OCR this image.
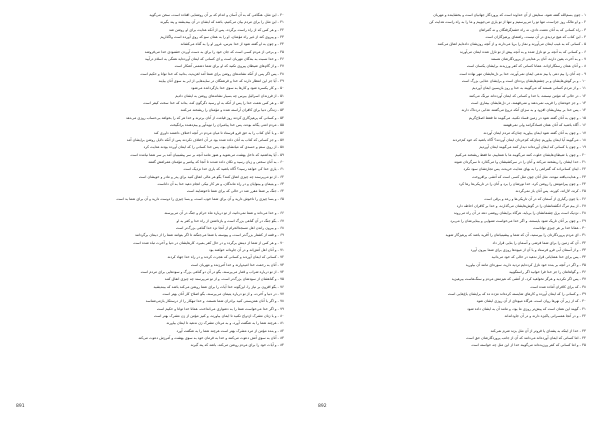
۴۰ - این مثل، هنگامی که به آن آسان و اندام که بر آن روشنایی افتاده است، سخن می‌گوید
۴۱ - این مثل را برای مردم بیان می‌کنیم، باشد که ایشان در آن بیندیشند و پند بگیرند
۴۲ - و هر کس که از راه راست برگردد، پس از آنکه هدایت برای او روشن شد
۴۳ - و پیروی کند از غیر راه مؤمنان، او را به همان سو که روی آورده است واگذاریم
۴۴ - و چون به او گفته شود از خدا بترس، غرور او را به گناه می‌کشاند
۴۵ - و برخی از مردم کسی است که جان خود را برای به دست آوردن خشنودی خدا می‌فروشد
۴۶ - و خدا نسبت به بندگان مهربان است و ای کسانی که ایمان آورده‌اید همگی به اسلام درآیید
۴۷ - و از گام‌های شیطان پیروی نکنید که او برای شما دشمنی آشکار است
۴۸ - پس اگر پس از آنکه نشانه‌های روشن برای شما آمد لغزیدید، بدانید که خدا توانا و حکیم است
۴۹ - آیا جز این انتظار دارند که خدا و فرشتگان در سایه‌هایی از ابر به سوی آنان بیایند
۵۰ - و کار یکسره شود و کارها به سوی خدا بازگردانده می‌شود
۵۱ - از فرزندان اسرائیل بپرس چه بسیار نشانه‌های روشن به ایشان دادیم
۵۲ - و هر کس نعمت خدا را پس از آنکه به او رسید دگرگون کند، بداند که خدا سخت کیفر است
۵۳ - زندگی دنیا برای کافران آراسته شده و مؤمنان را ریشخند می‌کنند
۵۴ - و کسانی که پرهیزگاری کردند روز قیامت از آنان برترند و خدا هر که را بخواهد بی‌حساب روزی می‌دهد
۵۵ - مردم امتی یگانه بودند، پس خدا پیامبران را نویدآور و بیم‌دهنده برانگیخت
۵۶ - و با آنان کتاب را به حق فرو فرستاد تا میان مردم در آنچه اختلاف داشتند داوری کند
۵۷ - و جز کسانی که کتاب به آنان داده شده بود در آن اختلاف نکردند پس از آنکه دلایل روشن برایشان آمد
۵۸ - از روی ستم و حسدی که میانشان بود، پس خدا کسانی را که ایمان آورده بودند هدایت کرد
۵۹ - آیا پنداشتید که داخل بهشت می‌شوید و هنوز مانند آنچه بر سر پیشینیان آمد بر سر شما نیامده است
۶۰ - به آنان سختی و زیان رسید و تکان داده شدند تا آنجا که پیامبر و مؤمنان همراهش گفتند
۶۱ - یاری خدا کی خواهد رسید؟ آگاه باشید که یاری خدا نزدیک است
۶۲ - از تو می‌پرسند چه چیزی انفاق کنند؟ بگو هر مالی انفاق کنید برای پدر و مادر و خویشان است
۶۳ - و یتیمان و بینوایان و در راه ماندگان، و هر کار نیکی انجام دهید خدا به آن داناست
۶۴ - جنگ بر شما مقرر شد در حالی که برای شما ناخوشایند است
۶۵ - و بسا چیزی را ناخوش دارید و آن برای شما خوب است، و بسا چیزی را دوست دارید و آن برای شما بد است
۶۶ - و خدا می‌داند و شما نمی‌دانید، از تو درباره ماه حرام و جنگ در آن می‌پرسند
۶۷ - بگو جنگ در آن گناهی بزرگ است و بازداشتن از راه خدا و کفر به او
۶۸ - و بیرون راندن اهل مسجدالحرام از آنجا نزد خدا گناهی بزرگ‌تر است
۶۹ - و فتنه از کشتار بزرگ‌تر است، و پیوسته با شما می‌جنگند تا اگر بتوانند شما را از دینتان برگردانند
۷۰ - و هر کس از شما از دینش برگردد و در حال کفر بمیرد، کارهایشان در دنیا و آخرت تباه شده است
۷۱ - و آنان اهل آتش‌اند و در آن جاودانه خواهند بود
۷۲ - کسانی که ایمان آوردند و کسانی که هجرت کردند و در راه خدا جهاد کردند
۷۳ - آنان به رحمت خدا امیدوارند و خدا آمرزنده و مهربان است
۷۴ - از تو درباره شراب و قمار می‌پرسند، بگو در آن دو گناهی بزرگ و سودهایی برای مردم است
۷۵ - و گناهشان از سودشان بزرگ‌تر است، و از تو می‌پرسند چه چیزی انفاق کنند
۷۶ - بگو افزون بر نیاز را، این‌گونه خدا آیات را برای شما روشن می‌کند باشد که بیندیشید
۷۷ - در دنیا و آخرت، و از تو درباره یتیمان می‌پرسند، بگو اصلاح کار آنان بهتر است
۷۸ - و اگر با آنان همزیستی کنید برادران شما هستند، و خدا تبهکار را از درستکار بازمی‌شناسد
۷۹ - و اگر خدا می‌خواست شما را به دشواری می‌انداخت، همانا خدا توانا و حکیم است
۸۰ - و با زنان مشرک ازدواج نکنید تا ایمان بیاورند، و کنیز مؤمن از زن مشرک بهتر است
۸۱ - هرچند شما را به شگفت آورد، و به مردان مشرک زن ندهید تا ایمان بیاورند
۸۲ - و بنده مؤمن از مرد مشرک بهتر است هرچند شما را به شگفت آورد
۸۳ - آنان به سوی آتش دعوت می‌کنند و خدا به فرمان خود به سوی بهشت و آمرزش دعوت می‌کند
۸۴ - و آیات خود را برای مردم روشن می‌کند، باشد که پند گیرند
891
۱ - چون بسم‌الله گفته شود، ستایش از آن خداوند است که پروردگار جهانیان است و بخشاینده و مهربان
۲ - و او مالک روز جزاست، تنها تو را می‌پرستیم و تنها از تو یاری می‌جوییم و ما را به راه راست هدایت کن
۳ - راه کسانی که به آنان نعمت دادی، نه راه خشم‌گرفتگان و نه گمراهان
۴ - این کتاب که هیچ تردیدی در آن نیست، راهنمای پرهیزگاران است
۵ - کسانی که به غیب ایمان می‌آورند و نماز را برپا می‌دارند و از آنچه روزیشان داده‌ایم انفاق می‌کنند
۶ - و کسانی که به آنچه بر تو نازل شده و به آنچه پیش از تو نازل شده ایمان می‌آورند
۷ - و به آخرت یقین دارند، آنان بر هدایتی از پروردگارشان هستند
۸ - و آنان همان رستگاران‌اند، همانا کسانی که کفر ورزیدند برایشان یکسان است
۹ - چه آنان را بیم دهی یا بیم ندهی ایمان نمی‌آورند، خدا بر دل‌هایشان مهر نهاده است
۱۰ - و بر گوش‌هایشان و بر چشم‌هایشان پرده‌ای است و برایشان عذابی بزرگ است
۱۱ - و از مردم کسانی هستند که می‌گویند به خدا و روز بازپسین ایمان آوردیم
۱۲ - در حالی که مؤمن نیستند، با خدا و کسانی که ایمان آورده‌اند نیرنگ می‌کنند
۱۳ - و جز خودشان را فریب نمی‌دهند و نمی‌فهمند، در دل‌هایشان بیماری است
۱۴ - پس خدا بر بیماریشان افزود و به سزای آنکه دروغ می‌گفتند عذابی دردناک دارند
۱۵ - و چون به آنان گفته شود در زمین فساد نکنید، می‌گویند ما فقط اصلاح‌گریم
۱۶ - آگاه باشید که آنان همان فسادگرانند ولی نمی‌فهمند
۱۷ - و چون به آنان گفته شود ایمان بیاورید چنان‌که مردم ایمان آوردند
۱۸ - می‌گویند آیا ایمان بیاوریم چنان‌که کم‌خردان ایمان آوردند؟ آگاه باشید که خود کم‌خردند
۱۹ - و چون با کسانی که ایمان آورده‌اند دیدار کنند می‌گویند ایمان آوردیم
۲۰ - و چون با شیطان‌هایشان خلوت کنند می‌گویند ما با شماییم، ما فقط ریشخند می‌کنیم
۲۱ - خدا ایشان را ریشخند می‌کند و آنان را در سرکشیشان وا می‌گذارد تا سرگردان شوند
۲۲ - اینان کسانی‌اند که گمراهی را به بهای هدایت خریدند، پس تجارتشان سود نکرد
۲۳ - و هدایت‌یافته نبودند، مثل آنان چون مثل کسی است که آتشی برافروخت
۲۴ - و چون پیرامونش را روشن کرد، خدا نورشان را برد و آنان را در تاریکی‌ها رها کرد
۲۵ - کرند، لال‌اند، کورند، پس آنان باز نمی‌گردند
۲۶ - یا چون رگباری از آسمان که در آن تاریکی‌ها و رعد و برقی است
۲۷ - از بیم مرگ انگشتانشان را در گوش‌هایشان می‌گذارند، و خدا بر کافران احاطه دارد
۲۸ - نزدیک است برق چشمانشان را برباید، هرگاه برایشان روشنی دهد در آن راه می‌روند
۲۹ - و چون بر آنان تاریک شود بایستند، و اگر خدا می‌خواست شنوایی و بینایی‌شان را می‌برد
۳۰ - همانا خدا بر هر چیزی تواناست
۳۱ - ای مردم پروردگارتان را بپرستید، آن که شما و پیشینیانتان را آفرید باشد که پرهیزگار شوید
۳۲ - آن که زمین را برای شما فرشی و آسمان را بنایی قرار داد
۳۳ - و از آسمان آبی فرو فرستاد و با آن از میوه‌ها روزی برای شما بیرون آورد
۳۴ - پس برای خدا همتایانی قرار ندهید در حالی که خود می‌دانید
۳۵ - و اگر در آنچه بر بنده خود نازل کرده‌ایم تردید دارید، سوره‌ای مانند آن بیاورید
۳۶ - و گواهانتان را جز خدا فرا خوانید اگر راستگویید
۳۷ - پس اگر نکردید و هرگز نخواهید کرد، از آتشی که هیزمش مردم و سنگ‌هاست بپرهیزید
۳۸ - که برای کافران آماده شده است
۳۹ - و کسانی را که ایمان آورده و کارهای شایسته کرده‌اند مژده ده که برایشان باغ‌هایی است
۴۰ - که از زیر آن نهرها روان است، هرگاه میوه‌ای از آن روزی ایشان شود
۴۱ - گویند این همان است که پیش‌تر روزی ما بود، و مانند آن به ایشان داده شود
۴۲ - و در آنجا همسرانی پاکیزه دارند و در آن جاودانه‌اند
۴۳ - خدا از اینکه به پشه‌ای یا فروتر از آن مثل بزند شرم نمی‌کند
۴۴ - اما کسانی که ایمان آورده‌اند می‌دانند که آن از جانب پروردگارشان حق است
۴۵ - و اما کسانی که کفر ورزیده‌اند می‌گویند خدا از این مثل چه خواسته است
892
